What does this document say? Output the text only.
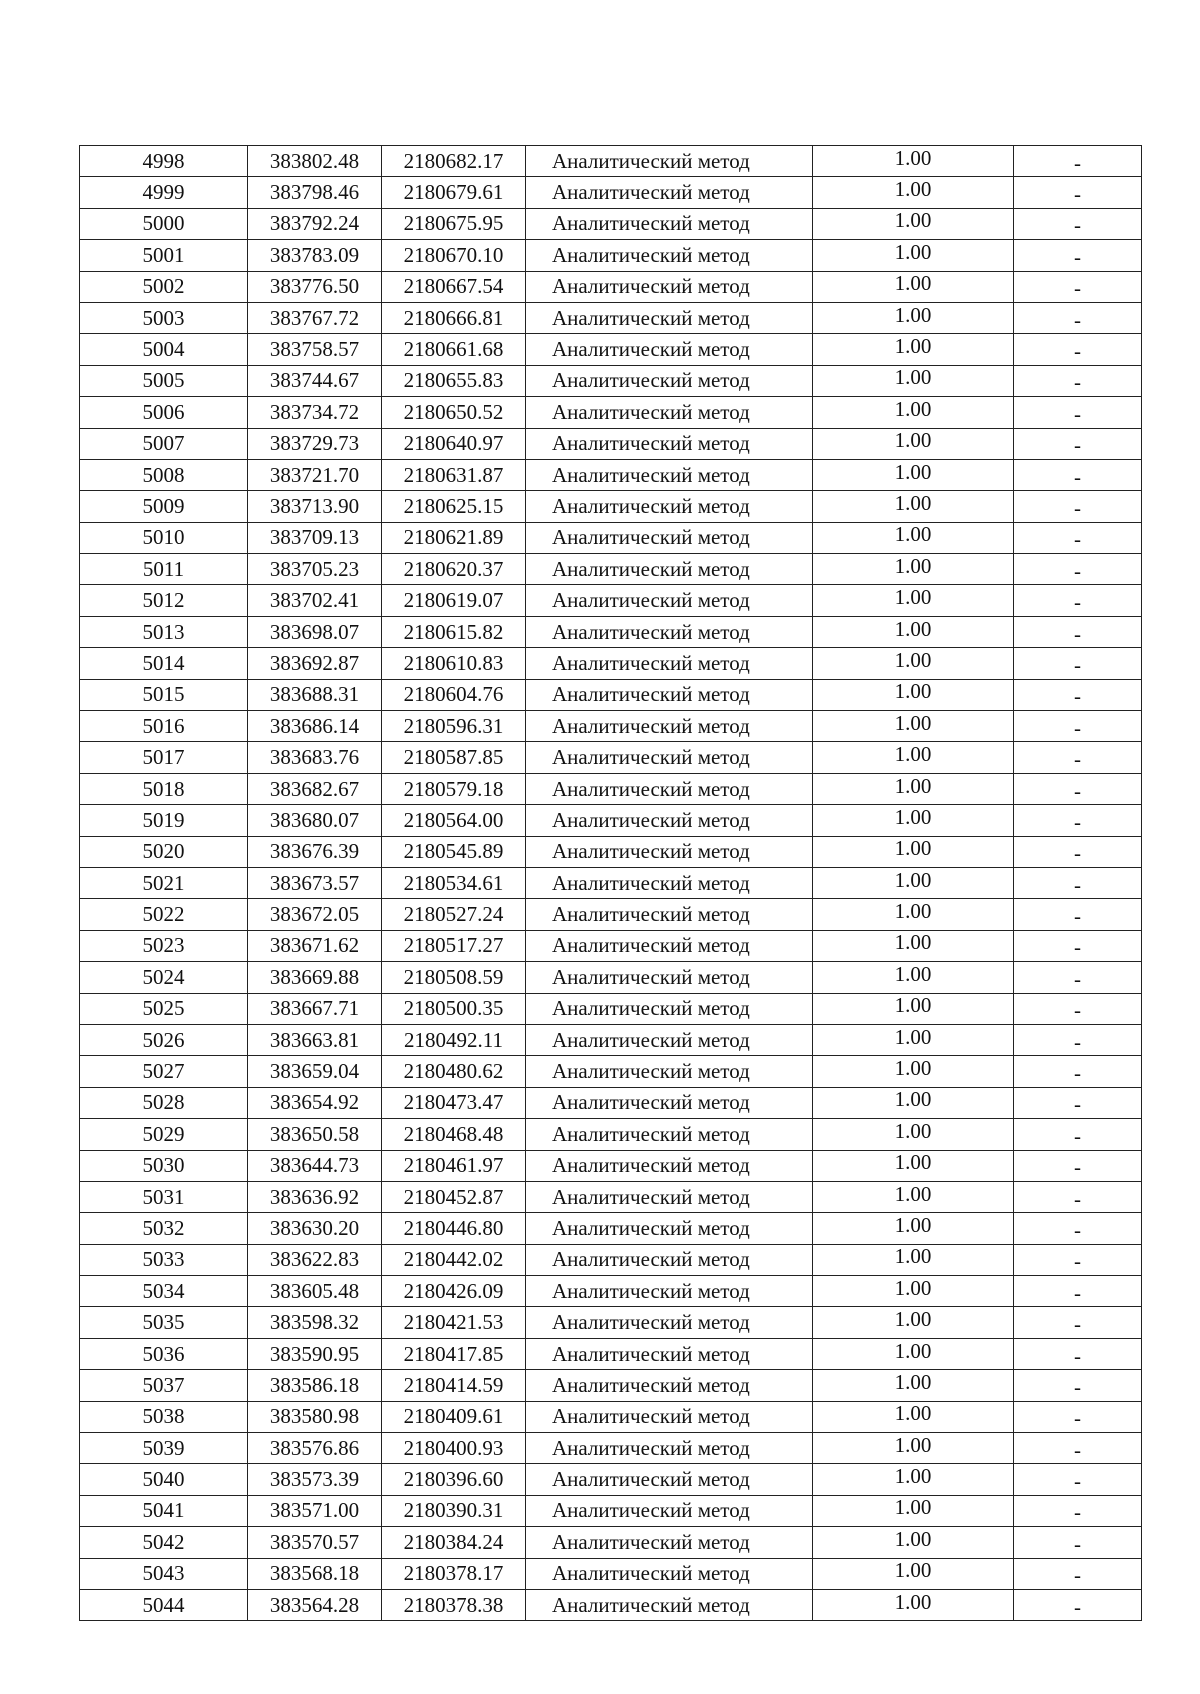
4998	383802.48	2180682.17	Аналитический метод	1.00	-
4999	383798.46	2180679.61	Аналитический метод	1.00	-
5000	383792.24	2180675.95	Аналитический метод	1.00	-
5001	383783.09	2180670.10	Аналитический метод	1.00	-
5002	383776.50	2180667.54	Аналитический метод	1.00	-
5003	383767.72	2180666.81	Аналитический метод	1.00	-
5004	383758.57	2180661.68	Аналитический метод	1.00	-
5005	383744.67	2180655.83	Аналитический метод	1.00	-
5006	383734.72	2180650.52	Аналитический метод	1.00	-
5007	383729.73	2180640.97	Аналитический метод	1.00	-
5008	383721.70	2180631.87	Аналитический метод	1.00	-
5009	383713.90	2180625.15	Аналитический метод	1.00	-
5010	383709.13	2180621.89	Аналитический метод	1.00	-
5011	383705.23	2180620.37	Аналитический метод	1.00	-
5012	383702.41	2180619.07	Аналитический метод	1.00	-
5013	383698.07	2180615.82	Аналитический метод	1.00	-
5014	383692.87	2180610.83	Аналитический метод	1.00	-
5015	383688.31	2180604.76	Аналитический метод	1.00	-
5016	383686.14	2180596.31	Аналитический метод	1.00	-
5017	383683.76	2180587.85	Аналитический метод	1.00	-
5018	383682.67	2180579.18	Аналитический метод	1.00	-
5019	383680.07	2180564.00	Аналитический метод	1.00	-
5020	383676.39	2180545.89	Аналитический метод	1.00	-
5021	383673.57	2180534.61	Аналитический метод	1.00	-
5022	383672.05	2180527.24	Аналитический метод	1.00	-
5023	383671.62	2180517.27	Аналитический метод	1.00	-
5024	383669.88	2180508.59	Аналитический метод	1.00	-
5025	383667.71	2180500.35	Аналитический метод	1.00	-
5026	383663.81	2180492.11	Аналитический метод	1.00	-
5027	383659.04	2180480.62	Аналитический метод	1.00	-
5028	383654.92	2180473.47	Аналитический метод	1.00	-
5029	383650.58	2180468.48	Аналитический метод	1.00	-
5030	383644.73	2180461.97	Аналитический метод	1.00	-
5031	383636.92	2180452.87	Аналитический метод	1.00	-
5032	383630.20	2180446.80	Аналитический метод	1.00	-
5033	383622.83	2180442.02	Аналитический метод	1.00	-
5034	383605.48	2180426.09	Аналитический метод	1.00	-
5035	383598.32	2180421.53	Аналитический метод	1.00	-
5036	383590.95	2180417.85	Аналитический метод	1.00	-
5037	383586.18	2180414.59	Аналитический метод	1.00	-
5038	383580.98	2180409.61	Аналитический метод	1.00	-
5039	383576.86	2180400.93	Аналитический метод	1.00	-
5040	383573.39	2180396.60	Аналитический метод	1.00	-
5041	383571.00	2180390.31	Аналитический метод	1.00	-
5042	383570.57	2180384.24	Аналитический метод	1.00	-
5043	383568.18	2180378.17	Аналитический метод	1.00	-
5044	383564.28	2180378.38	Аналитический метод	1.00	-
